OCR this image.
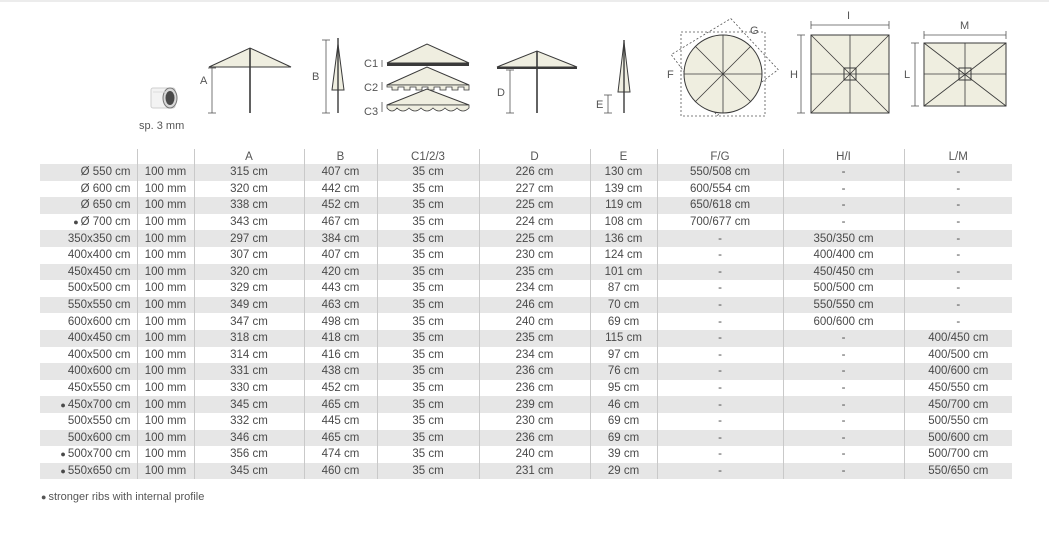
A	B
C1
C2
C3
D
E
F
G
H
I
L
M
sp. 3 mm
		A	B	C1/2/3	D	E	F/G	H/I	L/M
Ø 550 cm	100 mm	315 cm	407 cm	35 cm	226 cm	130 cm	550/508 cm	-	-
Ø 600 cm	100 mm	320 cm	442 cm	35 cm	227 cm	139 cm	600/554 cm	-	-
Ø 650 cm	100 mm	338 cm	452 cm	35 cm	225 cm	119 cm	650/618 cm	-	-
● Ø 700 cm	100 mm	343 cm	467 cm	35 cm	224 cm	108 cm	700/677 cm	-	-
350x350 cm	100 mm	297 cm	384 cm	35 cm	225 cm	136 cm	-	350/350 cm	-
400x400 cm	100 mm	307 cm	407 cm	35 cm	230 cm	124 cm	-	400/400 cm	-
450x450 cm	100 mm	320 cm	420 cm	35 cm	235 cm	101 cm	-	450/450 cm	-
500x500 cm	100 mm	329 cm	443 cm	35 cm	234 cm	87 cm	-	500/500 cm	-
550x550 cm	100 mm	349 cm	463 cm	35 cm	246 cm	70 cm	-	550/550 cm	-
600x600 cm	100 mm	347 cm	498 cm	35 cm	240 cm	69 cm	-	600/600 cm	-
400x450 cm	100 mm	318 cm	418 cm	35 cm	235 cm	115 cm	-	-	400/450 cm
400x500 cm	100 mm	314 cm	416 cm	35 cm	234 cm	97 cm	-	-	400/500 cm
400x600 cm	100 mm	331 cm	438 cm	35 cm	236 cm	76 cm	-	-	400/600 cm
450x550 cm	100 mm	330 cm	452 cm	35 cm	236 cm	95 cm	-	-	450/550 cm
● 450x700 cm	100 mm	345 cm	465 cm	35 cm	239 cm	46 cm	-	-	450/700 cm
500x550 cm	100 mm	332 cm	445 cm	35 cm	230 cm	69 cm	-	-	500/550 cm
500x600 cm	100 mm	346 cm	465 cm	35 cm	236 cm	69 cm	-	-	500/600 cm
● 500x700 cm	100 mm	356 cm	474 cm	35 cm	240 cm	39 cm	-	-	500/700 cm
● 550x650 cm	100 mm	345 cm	460 cm	35 cm	231 cm	29 cm	-	-	550/650 cm
● stronger ribs with internal profile
